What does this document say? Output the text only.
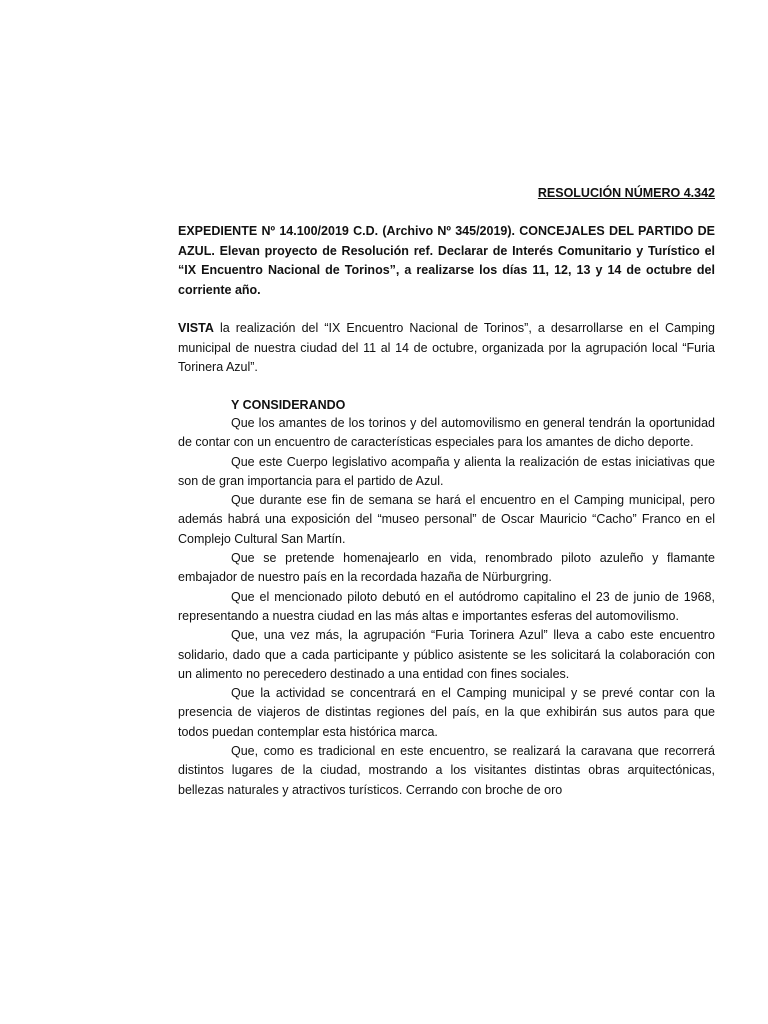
RESOLUCIÓN NÚMERO 4.342

EXPEDIENTE Nº 14.100/2019 C.D. (Archivo Nº 345/2019). CONCEJALES DEL PARTIDO DE AZUL. Elevan proyecto de Resolución ref. Declarar de Interés Comunitario y Turístico el “IX Encuentro Nacional de Torinos”, a realizarse los días 11, 12, 13 y 14 de octubre del corriente año.

VISTA la realización del “IX Encuentro Nacional de Torinos”, a desarrollarse en el Camping municipal de nuestra ciudad del 11 al 14 de octubre, organizada por la agrupación local “Furia Torinera Azul”.

Y CONSIDERANDO

Que los amantes de los torinos y del automovilismo en general tendrán la oportunidad de contar con un encuentro de características especiales para los amantes de dicho deporte.

Que este Cuerpo legislativo acompaña y alienta la realización de estas iniciativas que son de gran importancia para el partido de Azul.

Que durante ese fin de semana se hará el encuentro en el Camping municipal, pero además habrá una exposición del “museo personal” de Oscar Mauricio “Cacho” Franco en el Complejo Cultural San Martín.

Que se pretende homenajearlo en vida, renombrado piloto azuleño y flamante embajador de nuestro país en la recordada hazaña de Nürburgring.

Que el mencionado piloto debutó en el autódromo capitalino el 23 de junio de 1968, representando a nuestra ciudad en las más altas e importantes esferas del automovilismo.

Que, una vez más, la agrupación “Furia Torinera Azul” lleva a cabo este encuentro solidario, dado que a cada participante y público asistente se les solicitará la colaboración con un alimento no perecedero destinado a una entidad con fines sociales.

Que la actividad se concentrará en el Camping municipal y se prevé contar con la presencia de viajeros de distintas regiones del país, en la que exhibirán sus autos para que todos puedan contemplar esta histórica marca.

Que, como es tradicional en este encuentro, se realizará la caravana que recorrerá distintos lugares de la ciudad, mostrando a los visitantes distintas obras arquitectónicas, bellezas naturales y atractivos turísticos. Cerrando con broche de oro
